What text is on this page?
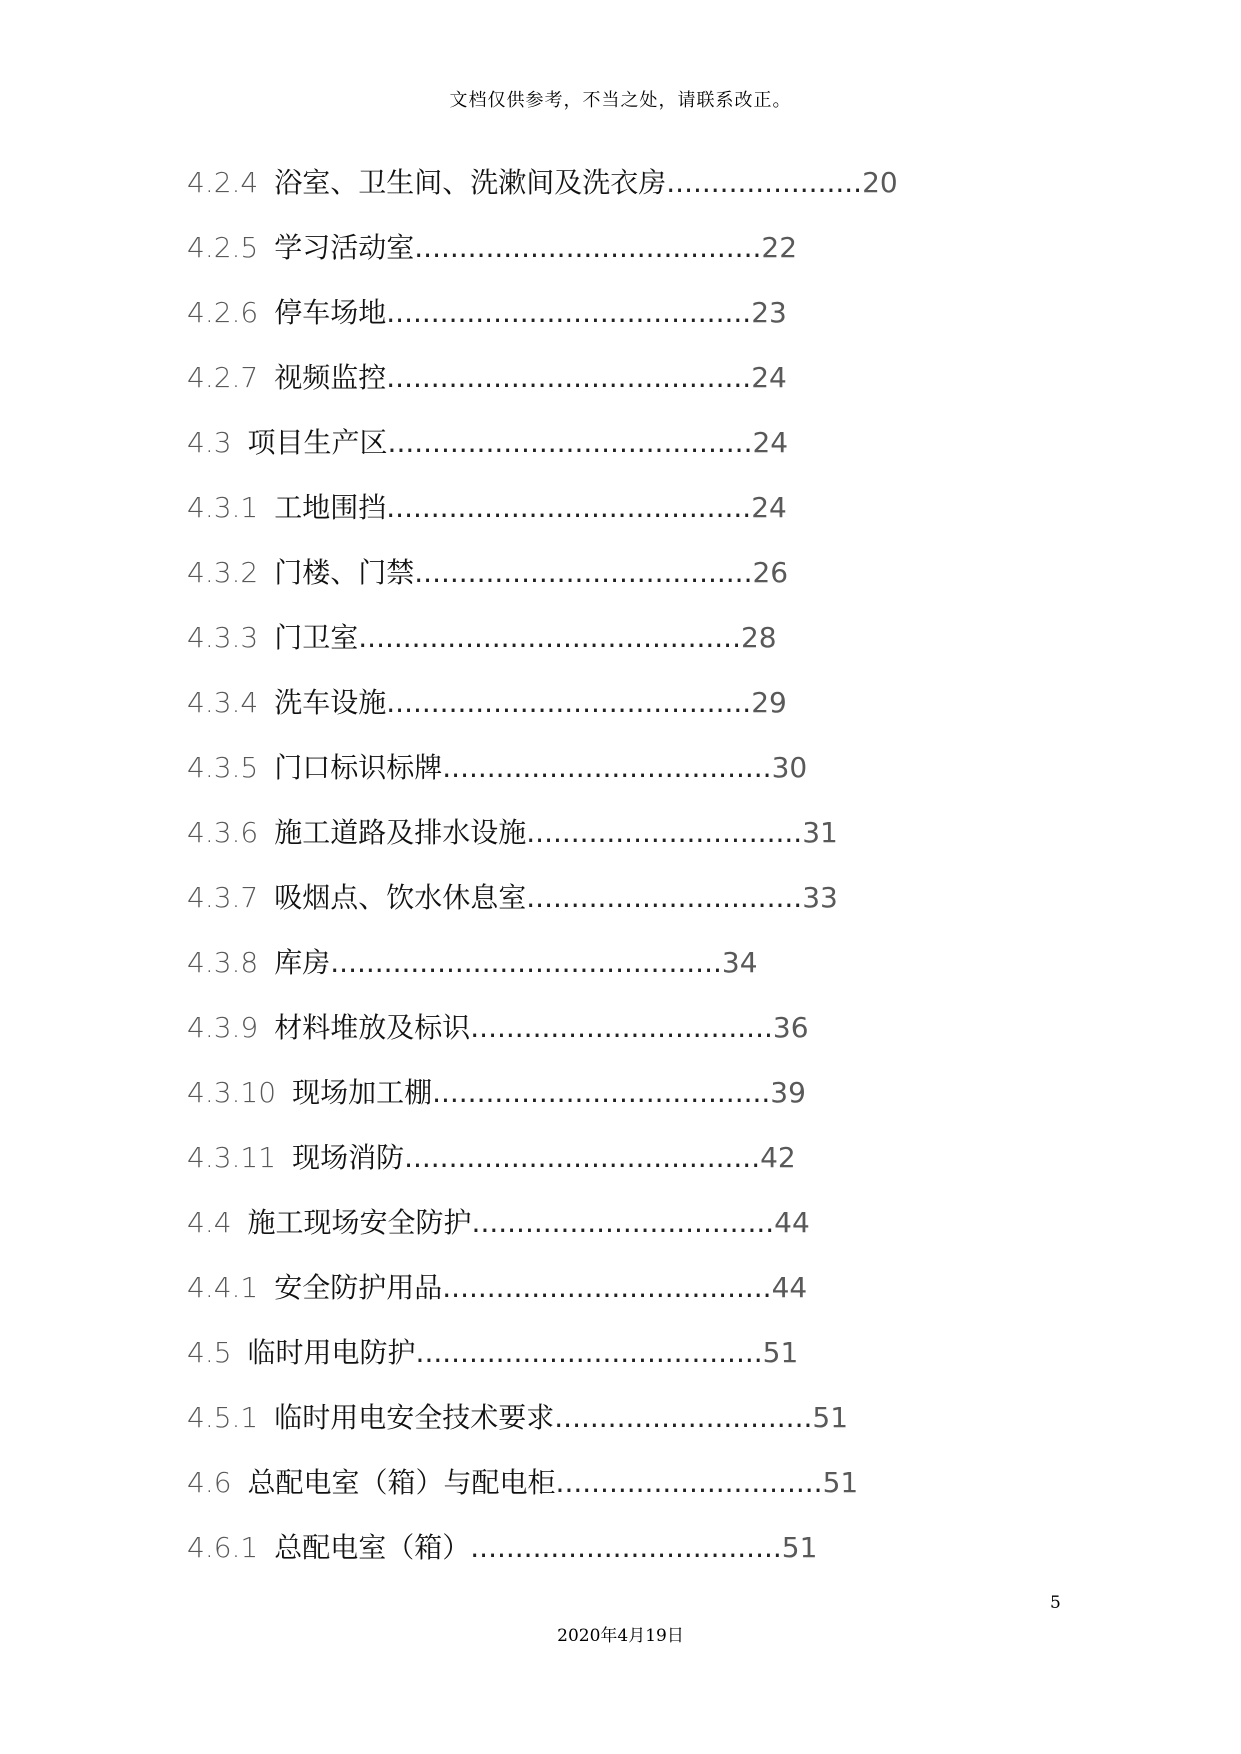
文档仅供参考，不当之处，请联系改正。
4.2.4 浴室、卫生间、洗漱间及洗衣房 ...................... 20
4.2.5 学习活动室 ....................................... 22
4.2.6 停车场地 ......................................... 23
4.2.7 视频监控 ......................................... 24
4.3 项目生产区 ......................................... 24
4.3.1 工地围挡 ......................................... 24
4.3.2 门楼、门禁 ...................................... 26
4.3.3 门卫室 ........................................... 28
4.3.4 洗车设施 ......................................... 29
4.3.5 门口标识标牌 ..................................... 30
4.3.6 施工道路及排水设施 ............................... 31
4.3.7 吸烟点、饮水休息室 ............................... 33
4.3.8 库房 ............................................ 34
4.3.9 材料堆放及标识 .................................. 36
4.3.10 现场加工棚 ...................................... 39
4.3.11 现场消防 ........................................ 42
4.4 施工现场安全防护 .................................. 44
4.4.1 安全防护用品 ..................................... 44
4.5 临时用电防护 ....................................... 51
4.5.1 临时用电安全技术要求 ............................. 51
4.6 总配电室（箱）与配电柜 .............................. 51
4.6.1 总配电室（箱） ................................... 51
5
2020年4月19日
